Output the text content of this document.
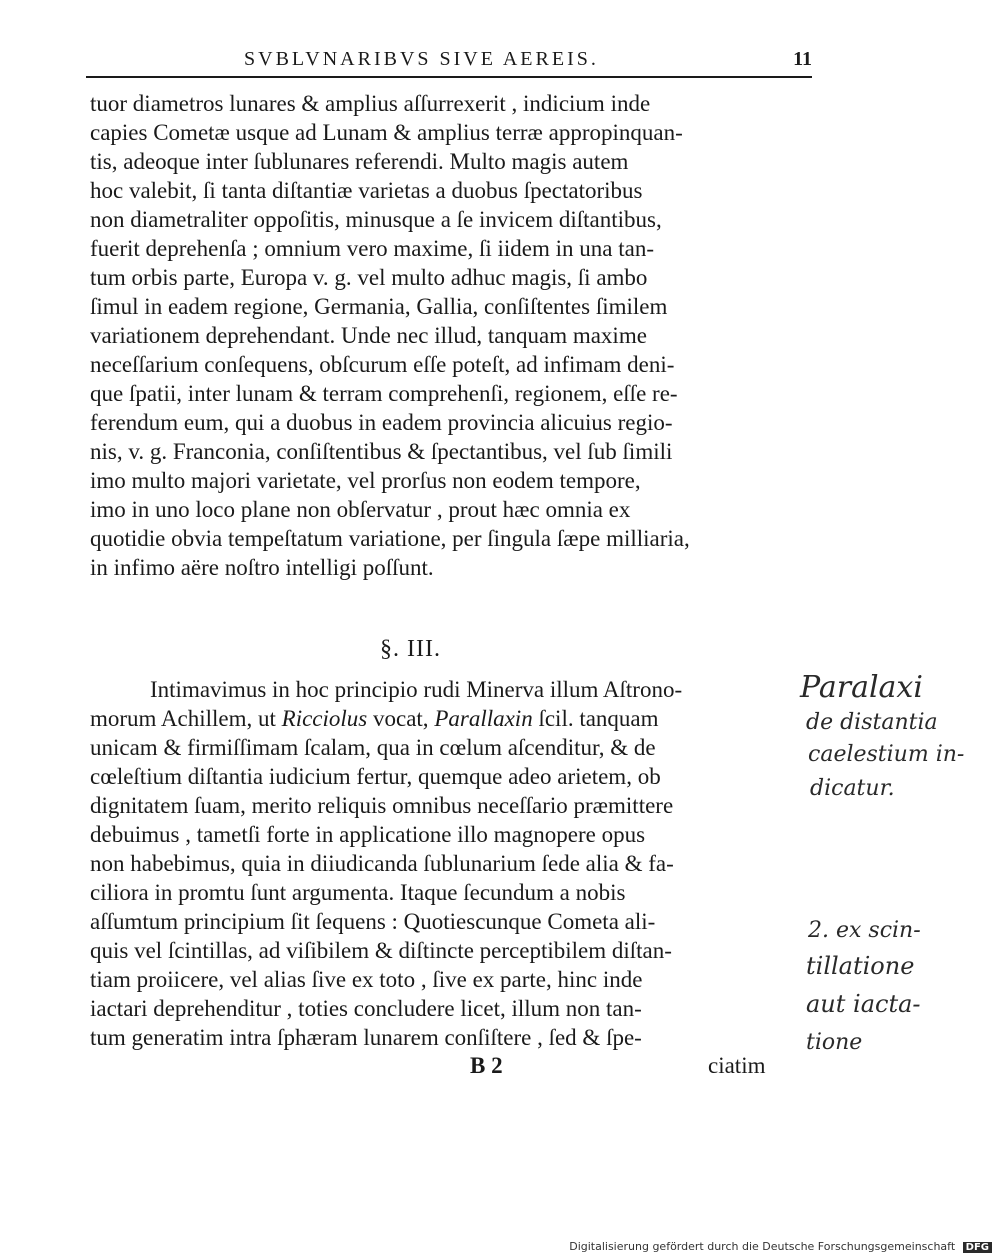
SVBLVNARIBVS SIVE AEREIS.	11
tuor diametros lunares & amplius aſſurrexerit , indicium inde
capies Cometæ usque ad Lunam & amplius terræ appropinquan-
tis, adeoque inter ſublunares referendi. Multo magis autem
hoc valebit, ſi tanta diſtantiæ varietas a duobus ſpectatoribus
non diametraliter oppoſitis, minusque a ſe invicem diſtantibus,
fuerit deprehenſa ; omnium vero maxime, ſi iidem in una tan-
tum orbis parte, Europa v. g. vel multo adhuc magis, ſi ambo
ſimul in eadem regione, Germania, Gallia, conſiſtentes ſimilem
variationem deprehendant. Unde nec illud, tanquam maxime
neceſſarium conſequens, obſcurum eſſe poteſt, ad infimam deni-
que ſpatii, inter lunam & terram comprehenſi, regionem, eſſe re-
ferendum eum, qui a duobus in eadem provincia alicuius regio-
nis, v. g. Franconia, conſiſtentibus & ſpectantibus, vel ſub ſimili
imo multo majori varietate, vel prorſus non eodem tempore,
imo in uno loco plane non obſervatur , prout hæc omnia ex
quotidie obvia tempeſtatum variatione, per ſingula ſæpe milliaria,
in infimo aëre noſtro intelligi poſſunt.
§. III.
Intimavimus in hoc principio rudi Minerva illum Aſtrono-
morum Achillem, ut Ricciolus vocat, Parallaxin ſcil. tanquam
unicam & firmiſſimam ſcalam, qua in cœlum aſcenditur, & de
cœleſtium diſtantia iudicium fertur, quemque adeo arietem, ob
dignitatem ſuam, merito reliquis omnibus neceſſario præmittere
debuimus , tametſi forte in applicatione illo magnopere opus
non habebimus, quia in diiudicanda ſublunarium ſede alia & fa-
ciliora in promtu ſunt argumenta. Itaque ſecundum a nobis
aſſumtum principium ſit ſequens : Quotiescunque Cometa ali-
quis vel ſcintillas, ad viſibilem & diſtincte perceptibilem diſtan-
tiam proiicere, vel alias ſive ex toto , ſive ex parte, hinc inde
iactari deprehenditur , toties concludere licet, illum non tan-
tum generatim intra ſphæram lunarem conſiſtere , ſed & ſpe-
B 2	ciatim
Paralaxi
de distantia
caelestium in-
dicatur.
2. ex scin-
tillatione
aut iacta-
tione
Digitalisierung gefördert durch die Deutsche Forschungsgemeinschaft DFG
